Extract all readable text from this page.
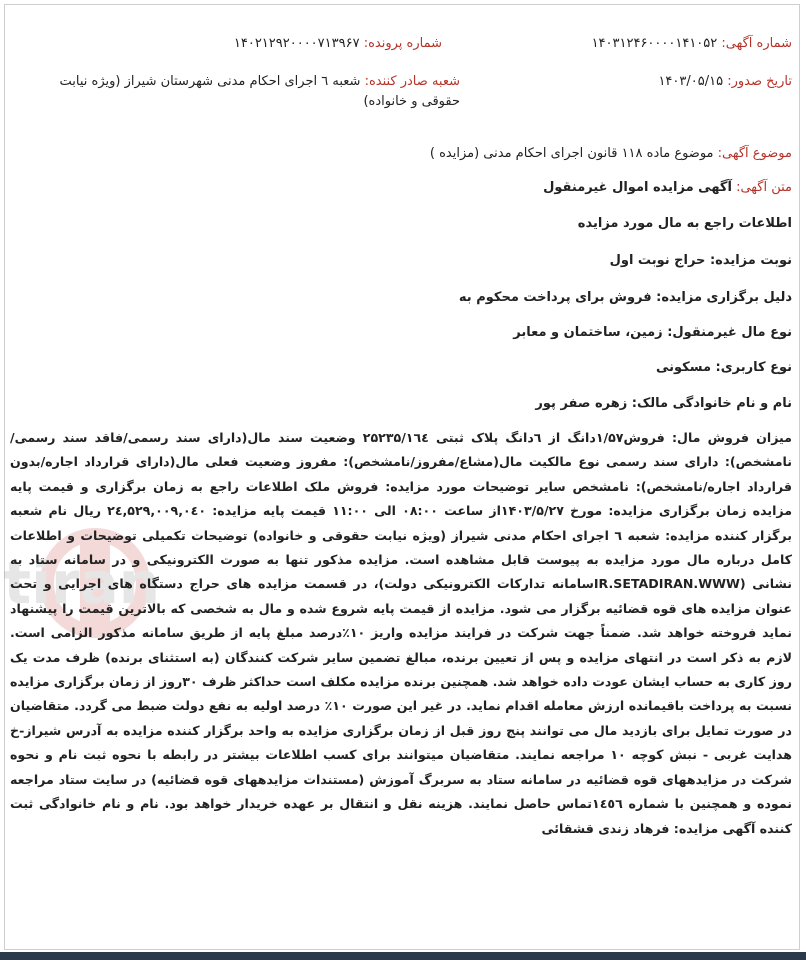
شماره آگهی: ۱۴۰۳۱۲۴۶۰۰۰۰۱۴۱۰۵۲
شماره پرونده: ۱۴۰۲۱۲۹۲۰۰۰۰۷۱۳۹۶۷
تاریخ صدور: ۱۴۰۳/۰۵/۱۵
شعبه صادر کننده: شعبه ٦ اجرای احکام مدنی شهرستان شیراز (ویژه نیابت
حقوقی و خانواده)
موضوع آگهی: موضوع ماده ۱۱۸ قانون اجرای احکام مدنی (مزایده )
متن آگهی: آگهی مزایده اموال غیرمنقول
اطلاعات راجع به مال مورد مزایده
نوبت مزایده: حراج نوبت اول
دلیل برگزاری مزایده: فروش برای پرداخت محکوم به
نوع مال غیرمنقول: زمین، ساختمان و معابر
نوع کاربری: مسکونی
نام و نام خانوادگی مالک: زهره صفر پور
میزان فروش مال: فروش۱/۵۷دانگ از ٦دانگ پلاک ثبتی ۲۵۲۳۵/۱٦٤ وضعیت سند مال(دارای سند رسمی/فاقد سند رسمی/نامشخص): دارای سند رسمی نوع مالکیت مال(مشاع/مفروز/نامشخص): مفروز وضعیت فعلی مال(دارای قرارداد اجاره/بدون قرارداد اجاره/نامشخص): نامشخص سایر توضیحات مورد مزایده: فروش ملک اطلاعات راجع به زمان برگزاری و قیمت پایه مزایده زمان برگزاری مزایده: مورخ ۱۴۰۳/۵/۲۷از ساعت ۰۸:۰۰ الی ۱۱:۰۰ قیمت پایه مزایده: ۲٤,۵۲۹,۰۰۹,۰٤۰ ریال نام شعبه برگزار کننده مزایده: شعبه ٦ اجرای احکام مدنی شیراز (ویژه نیابت حقوقی و خانواده) توضیحات تکمیلی توضیحات و اطلاعات کامل درباره مال مورد مزایده به پیوست قابل مشاهده است. مزایده مذکور تنها به صورت الکترونیکی و در سامانه ستاد به نشانی (IR.SETADIRAN.WWWسامانه تدارکات الکترونیکی دولت)، در قسمت مزایده های حراج دستگاه های اجرایی و تحت عنوان مزایده های قوه قضائیه برگزار می شود. مزایده از قیمت پایه شروع شده و مال به شخصی که بالاترین قیمت را پیشنهاد نماید فروخته خواهد شد. ضمناً جهت شرکت در فرایند مزایده واریز ۱۰٪درصد مبلغ پایه از طریق سامانه مذکور الزامی است. لازم به ذکر است در انتهای مزایده و پس از تعیین برنده، مبالغ تضمین سایر شرکت کنندگان (به استثنای برنده) ظرف مدت یک روز کاری به حساب ایشان عودت داده خواهد شد. همچنین برنده مزایده مکلف است حداکثر ظرف ۳۰روز از زمان برگزاری مزایده نسبت به پرداخت باقیمانده ارزش معامله اقدام نماید. در غیر این صورت ۱۰٪ درصد اولیه به نفع دولت ضبط می گردد. متقاضیان در صورت تمایل برای بازدید مال می توانند پنج روز قبل از زمان برگزاری مزایده به واحد برگزار کننده مزایده به آدرس شیراز-خ هدایت غربی - نبش کوچه ۱۰ مراجعه نمایند. متقاضیان میتوانند برای کسب اطلاعات بیشتر در رابطه با نحوه ثبت نام و نحوه شرکت در مزایدههای قوه قضائیه در سامانه ستاد به سربرگ آموزش (مستندات مزایدههای قوه قضائیه) در سایت ستاد مراجعه نموده و همچنین با شماره ۱٤٥٦تماس حاصل نمایند. هزینه نقل و انتقال بر عهده خریدار خواهد بود. نام و نام خانوادگی ثبت کننده آگهی مزایده: فرهاد زندی قشقائی
